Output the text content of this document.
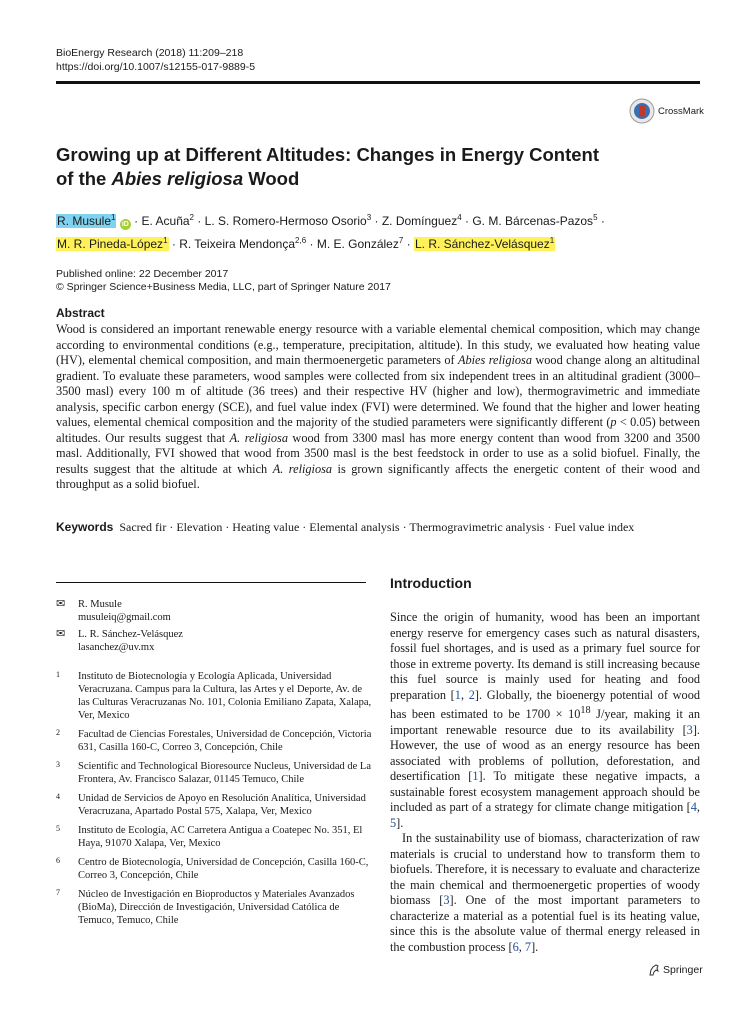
BioEnergy Research (2018) 11:209–218
https://doi.org/10.1007/s12155-017-9889-5
CrossMark
Growing up at Different Altitudes: Changes in Energy Content
of the Abies religiosa Wood
R. Musule$^1$ iD · E. Acuña$^2$ · L. S. Romero-Hermoso Osorio$^3$ · Z. Domínguez$^4$ · G. M. Bárcenas-Pazos$^5$ ·
M. R. Pineda-López$^1$ · R. Teixeira Mendonça$^{2,6}$ · M. E. González$^7$ · L. R. Sánchez-Velásquez$^1$
Published online: 22 December 2017
© Springer Science+Business Media, LLC, part of Springer Nature 2017
Abstract

Wood is considered an important renewable energy resource with a variable elemental chemical composition, which may change according to environmental conditions (e.g., temperature, precipitation, altitude). In this study, we evaluated how heating value (HV), elemental chemical composition, and main thermoenergetic parameters of Abies religiosa wood change along an altitudinal gradient. To evaluate these parameters, wood samples were collected from six independent trees in an altitudinal gradient (3000–3500 masl) every 100 m of altitude (36 trees) and their respective HV (higher and low), thermogravimetric and immediate analysis, specific carbon energy (SCE), and fuel value index (FVI) were determined. We found that the higher and lower heating values, elemental chemical composition and the majority of the studied parameters were significantly different (p < 0.05) between altitudes. Our results suggest that A. religiosa wood from 3300 masl has more energy content than wood from 3200 and 3500 masl. Additionally, FVI showed that wood from 3500 masl is the best feedstock in order to use as a solid biofuel. Finally, the results suggest that the altitude at which A. religiosa is grown significantly affects the energetic content of their wood and throughput as a solid biofuel.

Keywords Sacred fir · Elevation · Heating value · Elemental analysis · Thermogravimetric analysis · Fuel value index
✉	R. Musule
musuleiq@gmail.com
✉	L. R. Sánchez-Velásquez
lasanchez@uv.mx
1	Instituto de Biotecnología y Ecología Aplicada, Universidad Veracruzana. Campus para la Cultura, las Artes y el Deporte, Av. de las Culturas Veracruzanas No. 101, Colonia Emiliano Zapata, Xalapa, Ver, Mexico
2	Facultad de Ciencias Forestales, Universidad de Concepción, Victoria 631, Casilla 160-C, Correo 3, Concepción, Chile
3	Scientific and Technological Bioresource Nucleus, Universidad de La Frontera, Av. Francisco Salazar, 01145 Temuco, Chile
4	Unidad de Servicios de Apoyo en Resolución Analítica, Universidad Veracruzana, Apartado Postal 575, Xalapa, Ver, Mexico
5	Instituto de Ecología, AC Carretera Antigua a Coatepec No. 351, El Haya, 91070 Xalapa, Ver, Mexico
6	Centro de Biotecnología, Universidad de Concepción, Casilla 160-C, Correo 3, Concepción, Chile
7	Núcleo de Investigación en Bioproductos y Materiales Avanzados (BioMa), Dirección de Investigación, Universidad Católica de Temuco, Temuco, Chile
Introduction

Since the origin of humanity, wood has been an important energy reserve for emergency cases such as natural disasters, fossil fuel shortages, and is used as a primary fuel source for those in extreme poverty. Its demand is still increasing because this fuel source is mainly used for heating and food preparation [1, 2]. Globally, the bioenergy potential of wood has been estimated to be $1700 \times 10^{18}$ J/year, making it an important renewable resource due to its availability [3]. However, the use of wood as an energy resource has been associated with problems of pollution, deforestation, and desertification [1]. To mitigate these negative impacts, a sustainable forest ecosystem management approach should be included as part of a strategy for climate change mitigation [4, 5].

In the sustainability use of biomass, characterization of raw materials is crucial to understand how to transform them to biofuels. Therefore, it is necessary to evaluate and characterize the main chemical and thermoenergetic properties of woody biomass [3]. One of the most important parameters to characterize a material as a potential fuel is its heating value, since this is the absolute value of thermal energy released in the combustion process [6, 7].

Springer
